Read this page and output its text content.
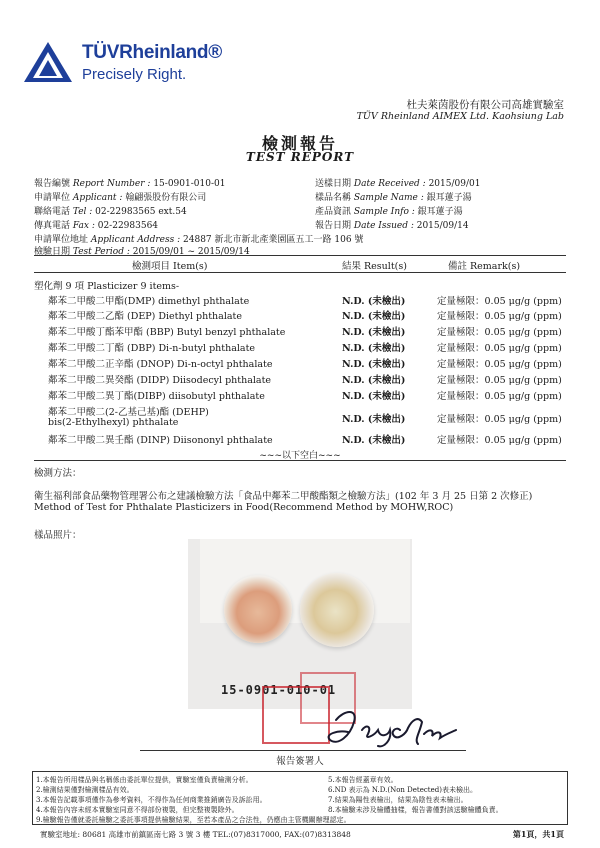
TÜVRheinland®
Precisely Right.
杜夫萊茵股份有限公司高雄實驗室
TÜV Rheinland AIMEX Ltd. Kaohsiung Lab
檢測報告
TEST REPORT
報告編號 Report Number : 15-0901-010-01
申請單位 Applicant : 翰翩張股份有限公司
聯絡電話 Tel : 02-22983565 ext.54
傳真電話 Fax : 02-22983564
申請單位地址 Applicant Address : 24887 新北市新北產業園區五工一路 106 號
檢驗日期 Test Period : 2015/09/01 ~ 2015/09/14
送樣日期 Date Received : 2015/09/01
樣品名稱 Sample Name : 銀耳蓮子湯
產品資訊 Sample Info : 銀耳蓮子湯
報告日期 Date Issued : 2015/09/14
檢測項目 Item(s)	結果 Result(s)	備註 Remark(s)
塑化劑 9 項 Plasticizer 9 items-
鄰苯二甲酸二甲酯(DMP) dimethyl phthalate	N.D. (未檢出)	定量極限：0.05 μg/g (ppm)
鄰苯二甲酸二乙酯 (DEP) Diethyl phthalate	N.D. (未檢出)	定量極限：0.05 μg/g (ppm)
鄰苯二甲酸丁酯苯甲酯 (BBP) Butyl benzyl phthalate	N.D. (未檢出)	定量極限：0.05 μg/g (ppm)
鄰苯二甲酸二丁酯 (DBP) Di-n-butyl phthalate	N.D. (未檢出)	定量極限：0.05 μg/g (ppm)
鄰苯二甲酸二正辛酯 (DNOP) Di-n-octyl phthalate	N.D. (未檢出)	定量極限：0.05 μg/g (ppm)
鄰苯二甲酸二異癸酯 (DIDP) Diisodecyl phthalate	N.D. (未檢出)	定量極限：0.05 μg/g (ppm)
鄰苯二甲酸二異丁酯(DIBP) diisobutyl phthalate	N.D. (未檢出)	定量極限：0.05 μg/g (ppm)
鄰苯二甲酸二(2-乙基己基)酯 (DEHP)
bis(2-Ethylhexyl) phthalate	N.D. (未檢出)	定量極限：0.05 μg/g (ppm)
鄰苯二甲酸二異壬酯 (DINP) Diisononyl phthalate	N.D. (未檢出)	定量極限：0.05 μg/g (ppm)
~~~以下空白~~~
檢測方法：
衛生福利部食品藥物管理署公布之建議檢驗方法「食品中鄰苯二甲酸酯類之檢驗方法」(102 年 3 月 25 日第 2 次修正)
Method of Test for Phthalate Plasticizers in Food(Recommend Method by MOHW,ROC)
樣品照片：
15-0901-010-01
報告簽署人
1.本報告所用樣品與名稱係由委託單位提供，實驗室僅負責檢測分析。
2.檢測結果僅對檢測樣品有效。
3.本報告記載事項僅作為參考資料，不得作為任何商業推銷廣告及訴訟用。
4.本報告內容未經本實驗室同意不得部份複製，但完整複製除外。
9.檢驗報告僅就委託檢驗之委託事項提供檢驗結果，至若本產品之合法性，仍應由主管機關辦理認定。
5.本報告經蓋章有效。
6.ND 表示為 N.D.(Non Detected)表未檢出。
7.結果為陽性表檢出，結果為陰性表未檢出。
8.本檢驗未涉及檢體抽樣，報告書僅對該送驗檢體負責。
實驗室地址: 80681 高雄市前鎮區南七路 3 號 3 樓 TEL:(07)8317000, FAX:(07)8313848	第1頁，共1頁
